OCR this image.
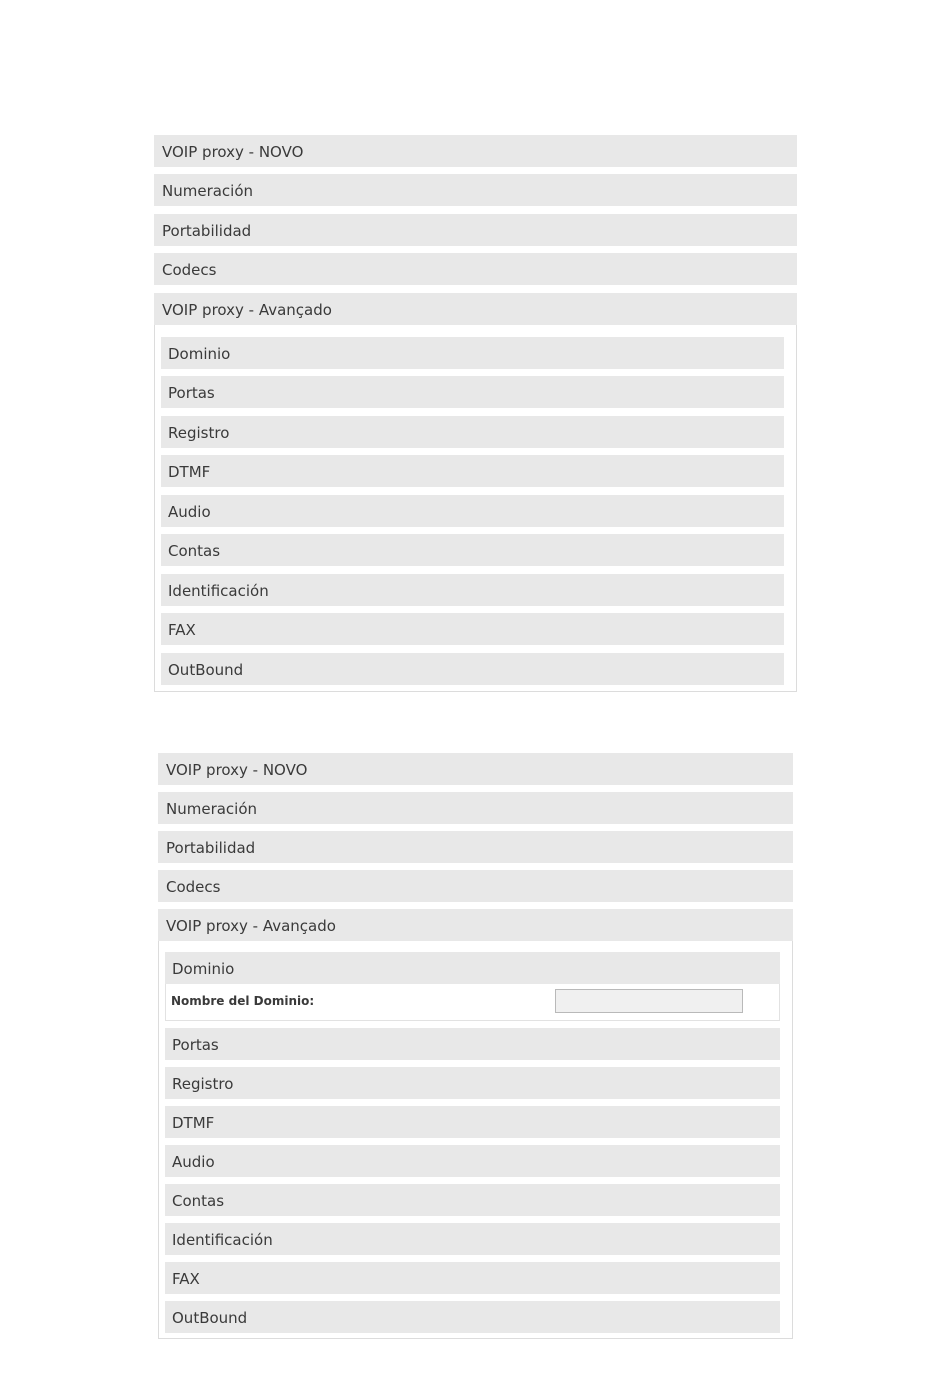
VOIP proxy - NOVO
Numeración
Portabilidad
Codecs
VOIP proxy - Avançado
Dominio
Portas
Registro
DTMF
Audio
Contas
Identificación
FAX
OutBound
VOIP proxy - NOVO
Numeración
Portabilidad
Codecs
VOIP proxy - Avançado
Dominio
Nombre del Dominio:
Portas
Registro
DTMF
Audio
Contas
Identificación
FAX
OutBound
